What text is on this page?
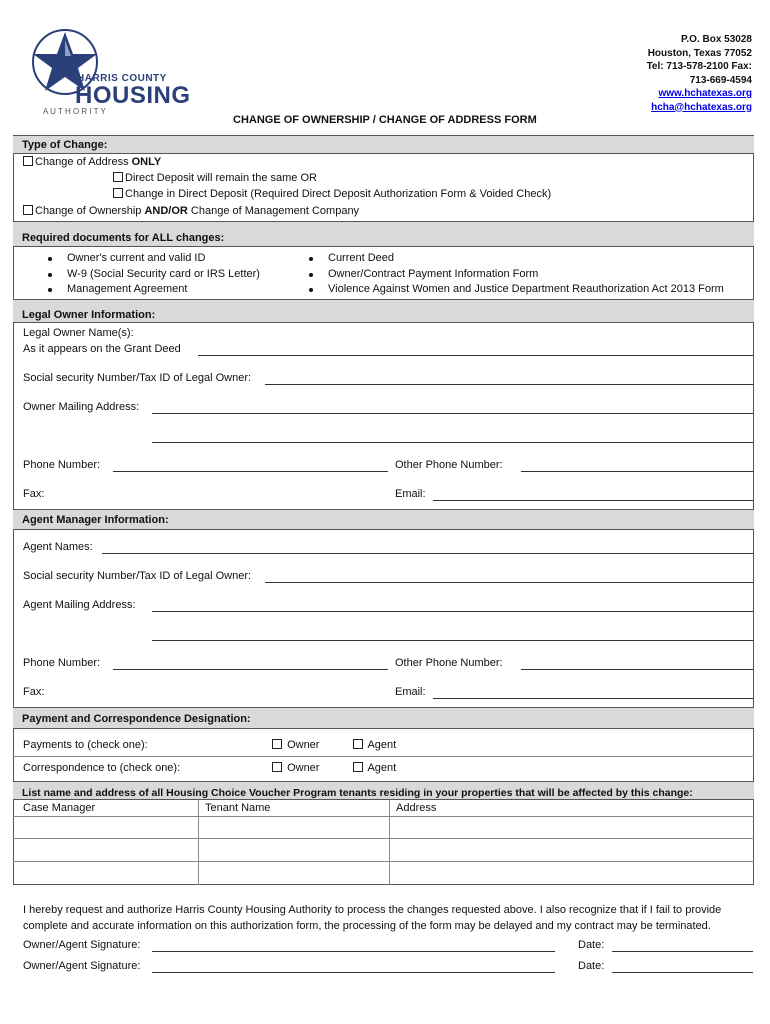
HARRIS COUNTY
HOUSING
A U T H O R I T Y
P.O. Box 53028
Houston, Texas 77052
Tel: 713-578-2100 Fax:
713-669-4594
www.hchatexas.org
hcha@hchatexas.org
CHANGE OF OWNERSHIP / CHANGE OF ADDRESS FORM
Type of Change:
Change of Address ONLY
Direct Deposit will remain the same OR
Change in Direct Deposit (Required Direct Deposit Authorization Form & Voided Check)
Change of Ownership AND/OR Change of Management Company
Required documents for ALL changes:
Owner's current and valid ID
W-9 (Social Security card or IRS Letter)
Management Agreement
Current Deed
Owner/Contract Payment Information Form
Violence Against Women and Justice Department Reauthorization Act 2013 Form
Legal Owner Information:
Legal Owner Name(s):
As it appears on the Grant Deed
Social security Number/Tax ID of Legal Owner:
Owner Mailing Address:
Phone Number:	Other Phone Number:
Fax:	Email:
Agent Manager Information:
Agent Names:
Social security Number/Tax ID of Legal Owner:
Agent Mailing Address:
Phone Number:	Other Phone Number:
Fax:	Email:
Payment and Correspondence Designation:
Payments to (check one):	Owner	Agent
Correspondence to (check one):	Owner	Agent
List name and address of all Housing Choice Voucher Program tenants residing in your properties that will be affected by this change:
Case Manager	Tenant Name	Address
I hereby request and authorize Harris County Housing Authority to process the changes requested above. I also recognize that if I fail to provide complete and accurate information on this authorization form, the processing of the form may be delayed and my contract may be terminated.
Owner/Agent Signature:	Date:
Owner/Agent Signature:	Date:
